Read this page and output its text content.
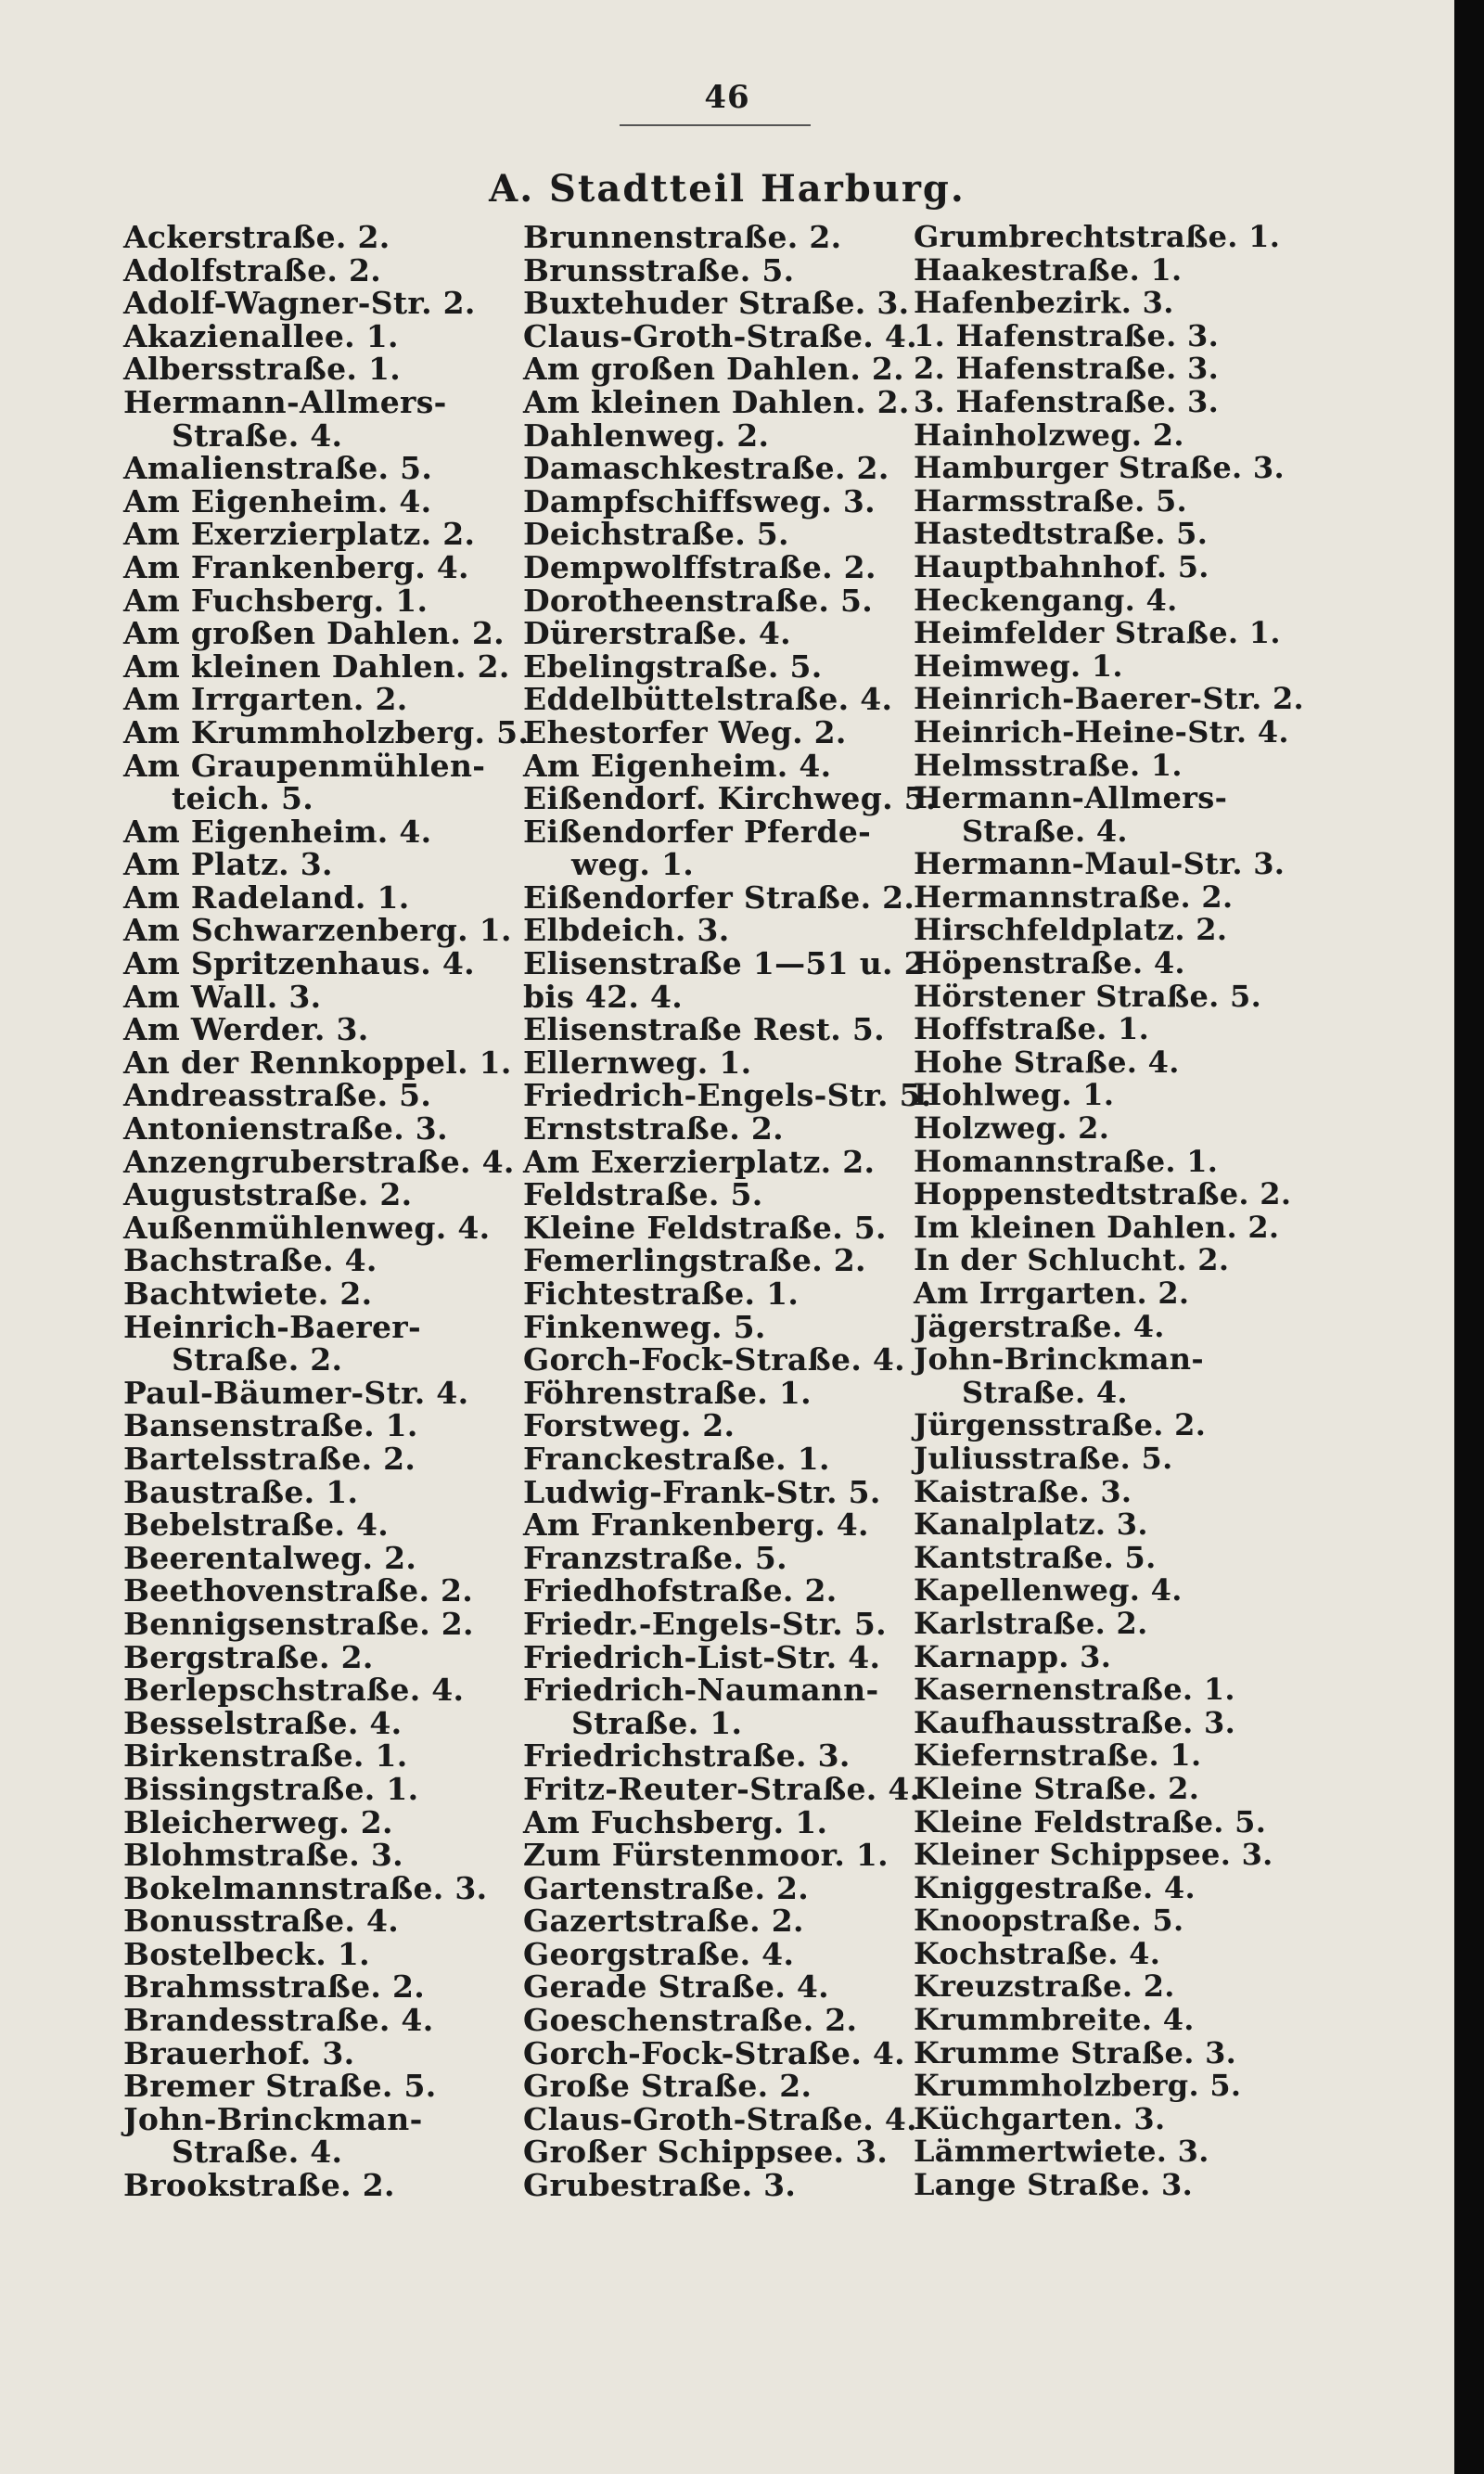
46
A. Stadtteil Harburg.
Ackerstraße. 2.
Adolfstraße. 2.
Adolf-Wagner-Str. 2.
Akazienallee. 1.
Albersstraße. 1.
Hermann-Allmers-
Straße. 4.
Amalienstraße. 5.
Am Eigenheim. 4.
Am Exerzierplatz. 2.
Am Frankenberg. 4.
Am Fuchsberg. 1.
Am großen Dahlen. 2.
Am kleinen Dahlen. 2.
Am Irrgarten. 2.
Am Krummholzberg. 5.
Am Graupenmühlen-
teich. 5.
Am Eigenheim. 4.
Am Platz. 3.
Am Radeland. 1.
Am Schwarzenberg. 1.
Am Spritzenhaus. 4.
Am Wall. 3.
Am Werder. 3.
An der Rennkoppel. 1.
Andreasstraße. 5.
Antonienstraße. 3.
Anzengruberstraße. 4.
Auguststraße. 2.
Außenmühlenweg. 4.
Bachstraße. 4.
Bachtwiete. 2.
Heinrich-Baerer-
Straße. 2.
Paul-Bäumer-Str. 4.
Bansenstraße. 1.
Bartelsstraße. 2.
Baustraße. 1.
Bebelstraße. 4.
Beerentalweg. 2.
Beethovenstraße. 2.
Bennigsenstraße. 2.
Bergstraße. 2.
Berlepschstraße. 4.
Besselstraße. 4.
Birkenstraße. 1.
Bissingstraße. 1.
Bleicherweg. 2.
Blohmstraße. 3.
Bokelmannstraße. 3.
Bonusstraße. 4.
Bostelbeck. 1.
Brahmsstraße. 2.
Brandesstraße. 4.
Brauerhof. 3.
Bremer Straße. 5.
John-Brinckman-
Straße. 4.
Brookstraße. 2.
Brunnenstraße. 2.
Brunsstraße. 5.
Buxtehuder Straße. 3.
Claus-Groth-Straße. 4.
Am großen Dahlen. 2.
Am kleinen Dahlen. 2.
Dahlenweg. 2.
Damaschkestraße. 2.
Dampfschiffsweg. 3.
Deichstraße. 5.
Dempwolffstraße. 2.
Dorotheenstraße. 5.
Dürerstraße. 4.
Ebelingstraße. 5.
Eddelbüttelstraße. 4.
Ehestorfer Weg. 2.
Am Eigenheim. 4.
Eißendorf. Kirchweg. 5.
Eißendorfer Pferde-
weg. 1.
Eißendorfer Straße. 2.
Elbdeich. 3.
Elisenstraße 1—51 u. 2
bis 42. 4.
Elisenstraße Rest. 5.
Ellernweg. 1.
Friedrich-Engels-Str. 5.
Ernststraße. 2.
Am Exerzierplatz. 2.
Feldstraße. 5.
Kleine Feldstraße. 5.
Femerlingstraße. 2.
Fichtestraße. 1.
Finkenweg. 5.
Gorch-Fock-Straße. 4.
Föhrenstraße. 1.
Forstweg. 2.
Franckestraße. 1.
Ludwig-Frank-Str. 5.
Am Frankenberg. 4.
Franzstraße. 5.
Friedhofstraße. 2.
Friedr.-Engels-Str. 5.
Friedrich-List-Str. 4.
Friedrich-Naumann-
Straße. 1.
Friedrichstraße. 3.
Fritz-Reuter-Straße. 4.
Am Fuchsberg. 1.
Zum Fürstenmoor. 1.
Gartenstraße. 2.
Gazertstraße. 2.
Georgstraße. 4.
Gerade Straße. 4.
Goeschenstraße. 2.
Gorch-Fock-Straße. 4.
Große Straße. 2.
Claus-Groth-Straße. 4.
Großer Schippsee. 3.
Grubestraße. 3.
Grumbrechtstraße. 1.
Haakestraße. 1.
Hafenbezirk. 3.
1. Hafenstraße. 3.
2. Hafenstraße. 3.
3. Hafenstraße. 3.
Hainholzweg. 2.
Hamburger Straße. 3.
Harmsstraße. 5.
Hastedtstraße. 5.
Hauptbahnhof. 5.
Heckengang. 4.
Heimfelder Straße. 1.
Heimweg. 1.
Heinrich-Baerer-Str. 2.
Heinrich-Heine-Str. 4.
Helmsstraße. 1.
Hermann-Allmers-
Straße. 4.
Hermann-Maul-Str. 3.
Hermannstraße. 2.
Hirschfeldplatz. 2.
Höpenstraße. 4.
Hörstener Straße. 5.
Hoffstraße. 1.
Hohe Straße. 4.
Hohlweg. 1.
Holzweg. 2.
Homannstraße. 1.
Hoppenstedtstraße. 2.
Im kleinen Dahlen. 2.
In der Schlucht. 2.
Am Irrgarten. 2.
Jägerstraße. 4.
John-Brinckman-
Straße. 4.
Jürgensstraße. 2.
Juliusstraße. 5.
Kaistraße. 3.
Kanalplatz. 3.
Kantstraße. 5.
Kapellenweg. 4.
Karlstraße. 2.
Karnapp. 3.
Kasernenstraße. 1.
Kaufhausstraße. 3.
Kiefernstraße. 1.
Kleine Straße. 2.
Kleine Feldstraße. 5.
Kleiner Schippsee. 3.
Kniggestraße. 4.
Knoopstraße. 5.
Kochstraße. 4.
Kreuzstraße. 2.
Krummbreite. 4.
Krumme Straße. 3.
Krummholzberg. 5.
Küchgarten. 3.
Lämmertwiete. 3.
Lange Straße. 3.
